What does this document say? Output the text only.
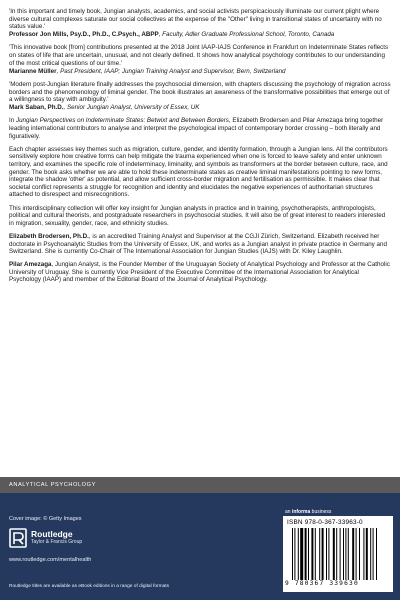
'In this important and timely book, Jungian analysts, academics, and social activists perspicaciously illuminate our current plight where diverse cultural complexes saturate our social collectives at the expense of the "Other" living in transitional states of uncertainty with no status value.'
Professor Jon Mills, Psy.D., Ph.D., C.Psych., ABPP, Faculty, Adler Graduate Professional School, Toronto, Canada
'This innovative book [from] contributions presented at the 2018 Joint IAAP-IAJS Conference in Frankfurt on Indeterminate States reflects on states of life that are uncertain, unusual, and not clearly defined. It shows how analytical psychology contributes to our understanding of the most critical questions of our time.'
Marianne Müller, Past President, IAAP; Jungian Training Analyst and Supervisor, Bern, Switzerland
'Modern post-Jungian literature finally addresses the psychosocial dimension, with chapters discussing the psychology of migration across borders and the phenomenology of liminal gender. The book illustrates an awareness of the transformative possibilities that emerge out of a willingness to stay with ambiguity.'
Mark Saban, Ph.D., Senior Jungian Analyst, University of Essex, UK
In Jungian Perspectives on Indeterminate States: Betwixt and Between Borders, Elizabeth Brodersen and Pilar Amezaga bring together leading international contributors to analyse and interpret the psychological impact of contemporary border crossing – both literally and figuratively.
Each chapter assesses key themes such as migration, culture, gender, and identity formation, through a Jungian lens. All the contributors sensitively explore how creative forms can help mitigate the trauma experienced when one is forced to leave safety and enter unknown territory, and examines the specific role of indeterminacy, liminality, and symbols as transformers at the border between culture, race, and gender. The book asks whether we are able to hold these indeterminate states as creative liminal manifestations pointing to new forms, integrate the shadow 'other' as potential, and allow sufficient cross-border migration and fertilisation as permissible. It makes clear that societal conflict represents a struggle for recognition and identity and elucidates the negative experiences of authoritarian structures attached to disrespect and misrecognitions.
This interdisciplinary collection will offer key insight for Jungian analysts in practice and in training, psychotherapists, anthropologists, political and cultural theorists, and postgraduate researchers in psychosocial studies. It will also be of great interest to readers interested in migration, sexuality, gender, race, and ethnicity studies.
Elizabeth Brodersen, Ph.D., is an accredited Training Analyst and Supervisor at the CGJI Zürich, Switzerland. Elizabeth received her doctorate in Psychoanalytic Studies from the University of Essex, UK, and works as a Jungian analyst in private practice in Germany and Switzerland. She is currently Co-Chair of The International Association for Jungian Studies (IAJS) with Dr. Kiley Laughlin.
Pilar Amezaga, Jungian Analyst, is the Founder Member of the Uruguayan Society of Analytical Psychology and Professor at the Catholic University of Uruguay. She is currently Vice President of the Executive Committee of the International Association for Analytical Psychology (IAAP) and member of the Editorial Board of the Journal of Analytical Psychology.
ANALYTICAL PSYCHOLOGY
Cover image: © Getty Images
Routledge
Taylor & Francis Group
www.routledge.com/mentalhealth
Routledge titles are available as eBook editions in a range of digital formats
an informa business
ISBN 978-0-367-33963-0
9 780367 339630
